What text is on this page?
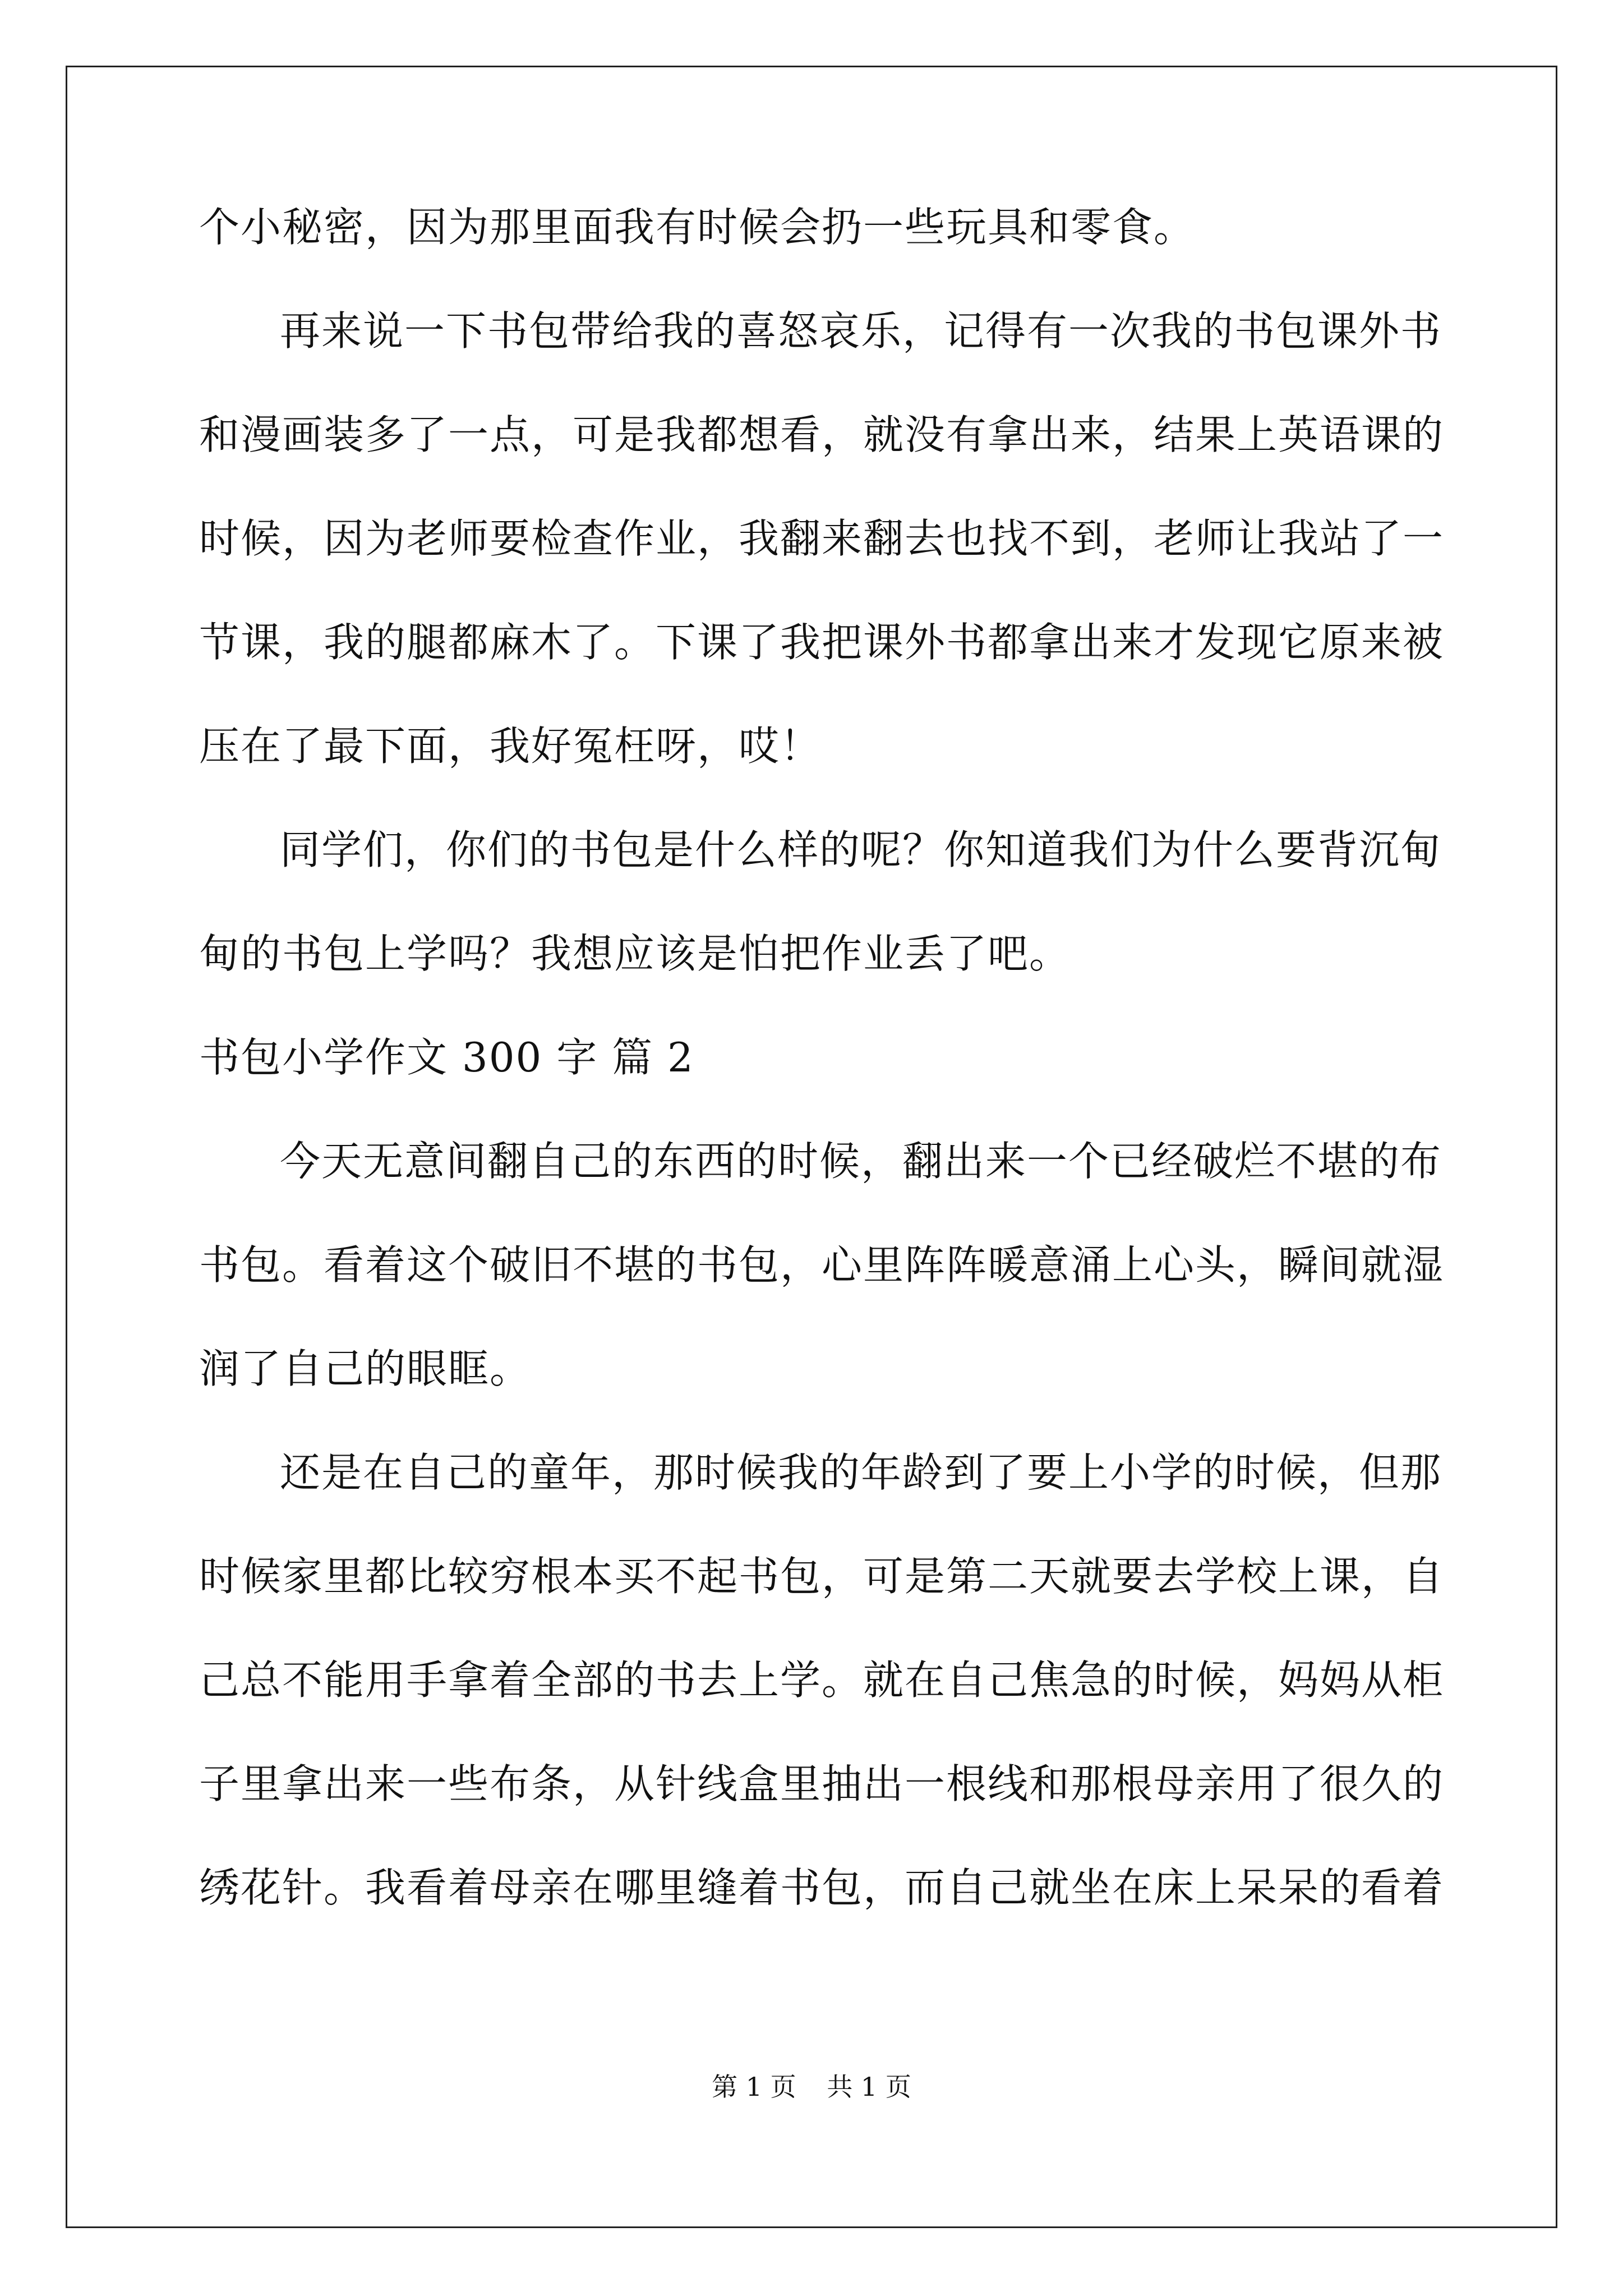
个小秘密，因为那里面我有时候会扔一些玩具和零食。
再来说一下书包带给我的喜怒哀乐，记得有一次我的书包课外书
和漫画装多了一点，可是我都想看，就没有拿出来，结果上英语课的
时候，因为老师要检查作业，我翻来翻去也找不到，老师让我站了一
节课，我的腿都麻木了。下课了我把课外书都拿出来才发现它原来被
压在了最下面，我好冤枉呀，哎！
同学们，你们的书包是什么样的呢？你知道我们为什么要背沉甸
甸的书包上学吗？我想应该是怕把作业丢了吧。
书包小学作文 300 字 篇 2
今天无意间翻自己的东西的时候，翻出来一个已经破烂不堪的布
书包。看着这个破旧不堪的书包，心里阵阵暖意涌上心头，瞬间就湿
润了自己的眼眶。
还是在自己的童年，那时候我的年龄到了要上小学的时候，但那
时候家里都比较穷根本买不起书包，可是第二天就要去学校上课，自
己总不能用手拿着全部的书去上学。就在自己焦急的时候，妈妈从柜
子里拿出来一些布条，从针线盒里抽出一根线和那根母亲用了很久的
绣花针。我看着母亲在哪里缝着书包，而自己就坐在床上呆呆的看着
第 1 页 共 1 页
